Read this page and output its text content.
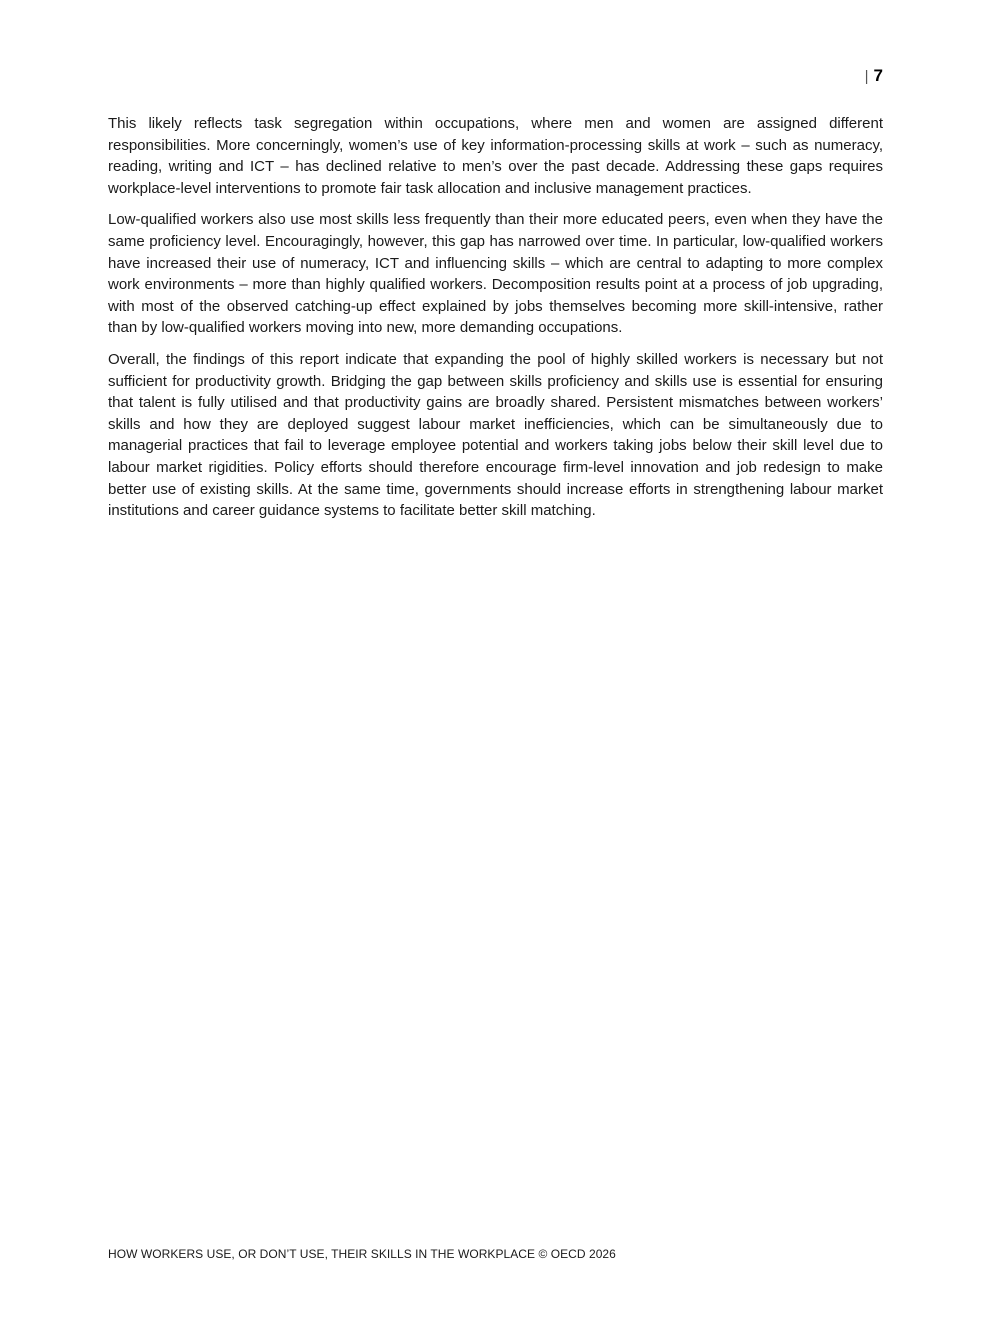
| 7

This likely reflects task segregation within occupations, where men and women are assigned different responsibilities. More concerningly, women’s use of key information-processing skills at work – such as numeracy, reading, writing and ICT – has declined relative to men’s over the past decade. Addressing these gaps requires workplace-level interventions to promote fair task allocation and inclusive management practices.

Low-qualified workers also use most skills less frequently than their more educated peers, even when they have the same proficiency level. Encouragingly, however, this gap has narrowed over time. In particular, low-qualified workers have increased their use of numeracy, ICT and influencing skills – which are central to adapting to more complex work environments – more than highly qualified workers. Decomposition results point at a process of job upgrading, with most of the observed catching-up effect explained by jobs themselves becoming more skill-intensive, rather than by low-qualified workers moving into new, more demanding occupations.

Overall, the findings of this report indicate that expanding the pool of highly skilled workers is necessary but not sufficient for productivity growth. Bridging the gap between skills proficiency and skills use is essential for ensuring that talent is fully utilised and that productivity gains are broadly shared. Persistent mismatches between workers’ skills and how they are deployed suggest labour market inefficiencies, which can be simultaneously due to managerial practices that fail to leverage employee potential and workers taking jobs below their skill level due to labour market rigidities. Policy efforts should therefore encourage firm-level innovation and job redesign to make better use of existing skills. At the same time, governments should increase efforts in strengthening labour market institutions and career guidance systems to facilitate better skill matching.

HOW WORKERS USE, OR DON’T USE, THEIR SKILLS IN THE WORKPLACE © OECD 2026
